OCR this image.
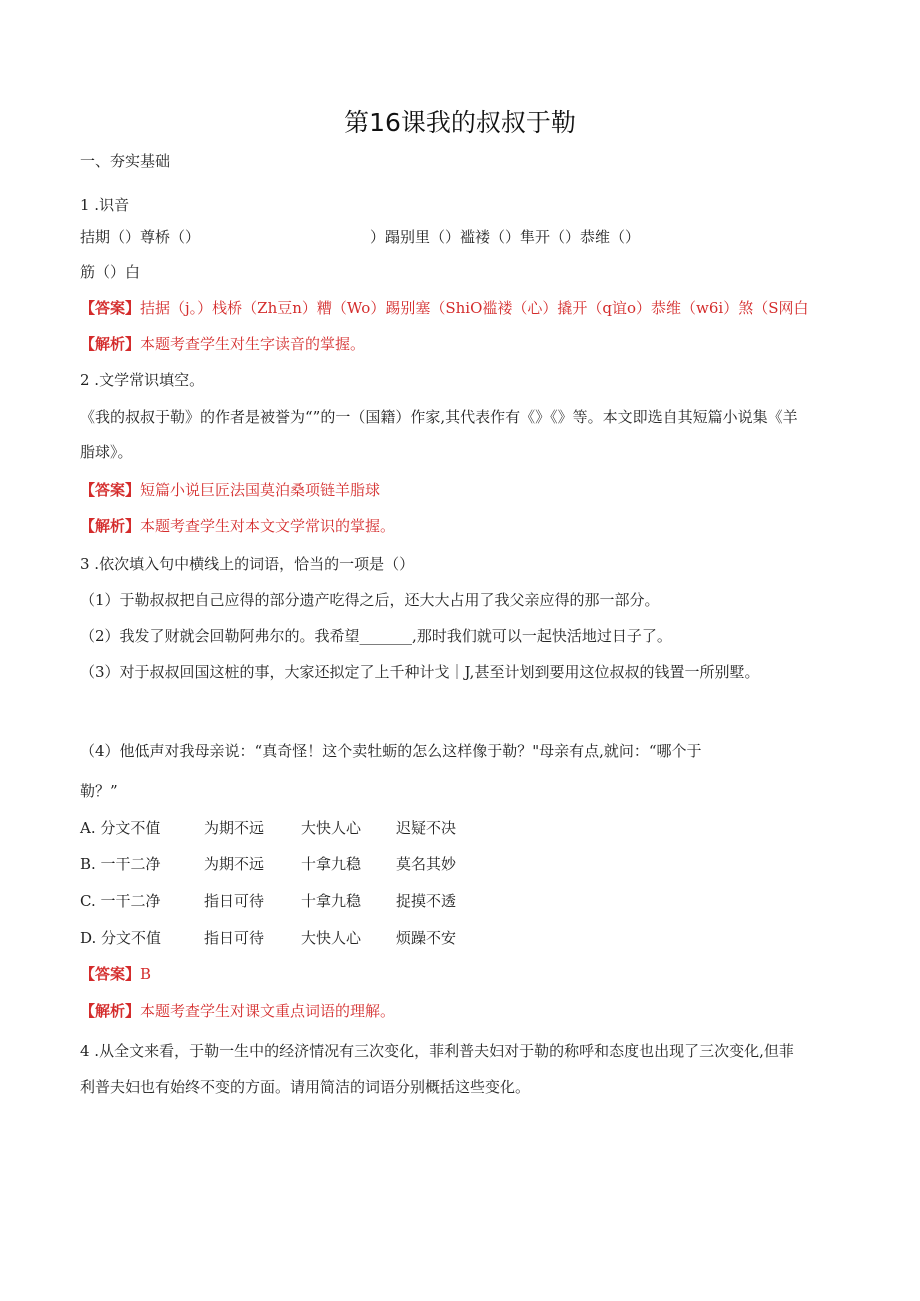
第16课我的叔叔于勒
一、夯实基础
1 .识音
拮期（）尊桥（）	）蹋别里（）褴褛（）隼开（）恭维（）
筋（）白
【答案】拮据（j。）栈桥（Zh豆n）糟（Wo）踢别塞（ShiO褴褛（心）撬开（q谊o）恭维（w6i）煞（S网白
【解析】本题考查学生对生字读音的掌握。
2 .文学常识填空。
《我的叔叔于勒》的作者是被誉为“”的一（国籍）作家,其代表作有《》《》等。本文即选自其短篇小说集《羊
脂球》。
【答案】短篇小说巨匠法国莫泊桑项链羊脂球
【解析】本题考查学生对本文文学常识的掌握。
3 .依次填入句中横线上的词语，恰当的一项是（）
（1）于勒叔叔把自己应得的部分遗产吃得之后，还大大占用了我父亲应得的那一部分。
（2）我发了财就会回勒阿弗尔的。我希望_______,那时我们就可以一起快活地过日子了。
（3）对于叔叔回国这桩的事，大家还拟定了上千种计戈｜J,甚至计划到要用这位叔叔的钱置一所别墅。
（4）他低声对我母亲说：“真奇怪！这个卖牡蛎的怎么这样像于勒？"母亲有点,就问：“哪个于
勒？”
A. 分文不值	为期不远 大快人心 迟疑不决
B. 一干二净	为期不远 十拿九稳 莫名其妙
C. 一干二净	指日可待 十拿九稳 捉摸不透
D. 分文不值	指日可待 大快人心 烦躁不安
【答案】B
【解析】本题考查学生对课文重点词语的理解。
4 .从全文来看，于勒一生中的经济情况有三次变化，菲利普夫妇对于勒的称呼和态度也出现了三次变化,但菲
利普夫妇也有始终不变的方面。请用简洁的词语分别概括这些变化。
